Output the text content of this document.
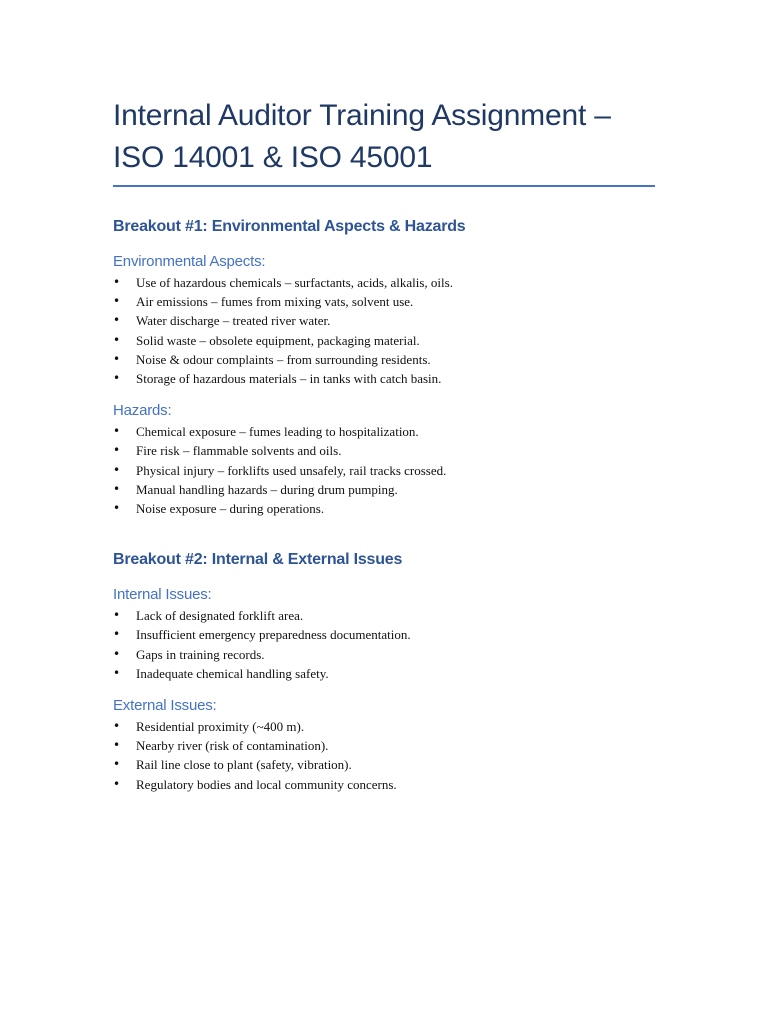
Internal Auditor Training Assignment – ISO 14001 & ISO 45001
Breakout #1: Environmental Aspects & Hazards
Environmental Aspects:
• Use of hazardous chemicals – surfactants, acids, alkalis, oils.
• Air emissions – fumes from mixing vats, solvent use.
• Water discharge – treated river water.
• Solid waste – obsolete equipment, packaging material.
• Noise & odour complaints – from surrounding residents.
• Storage of hazardous materials – in tanks with catch basin.
Hazards:
• Chemical exposure – fumes leading to hospitalization.
• Fire risk – flammable solvents and oils.
• Physical injury – forklifts used unsafely, rail tracks crossed.
• Manual handling hazards – during drum pumping.
• Noise exposure – during operations.
Breakout #2: Internal & External Issues
Internal Issues:
• Lack of designated forklift area.
• Insufficient emergency preparedness documentation.
• Gaps in training records.
• Inadequate chemical handling safety.
External Issues:
• Residential proximity (~400 m).
• Nearby river (risk of contamination).
• Rail line close to plant (safety, vibration).
• Regulatory bodies and local community concerns.
